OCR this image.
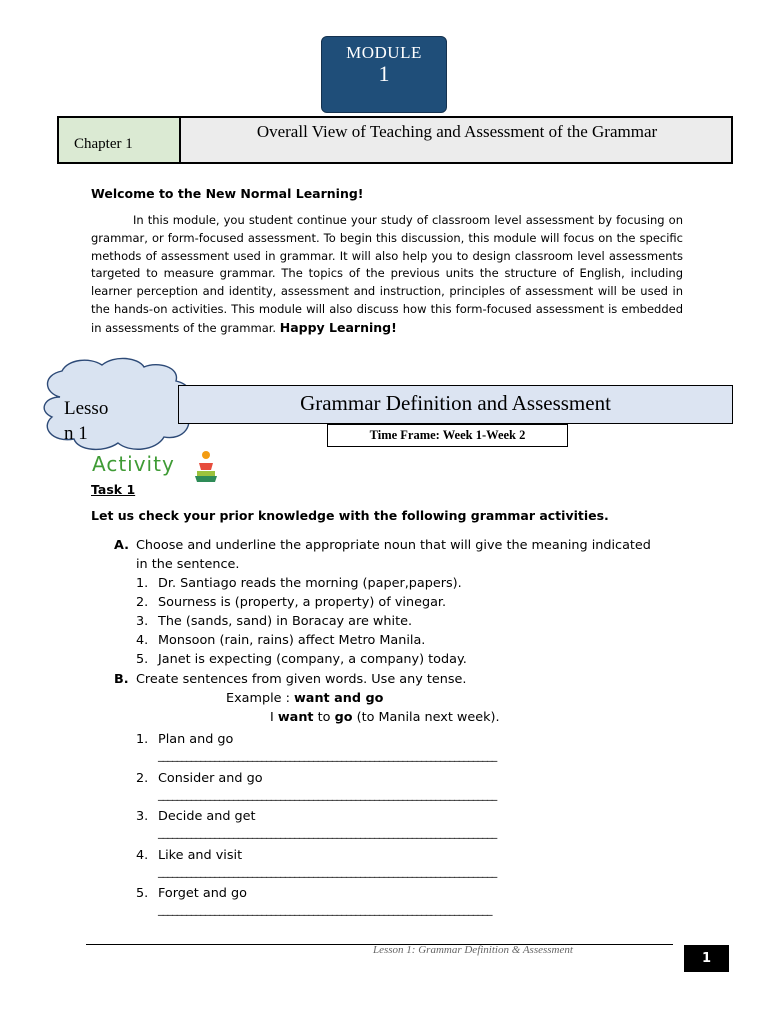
MODULE
1
Chapter 1
Overall View of Teaching and Assessment of the Grammar
Welcome to the New Normal Learning!
In this module, you student continue your study of classroom level assessment by focusing on grammar, or form-focused assessment. To begin this discussion, this module will focus on the specific methods of assessment used in grammar. It will also help you to design classroom level assessments targeted to measure grammar. The topics of the previous units the structure of English, including learner perception and identity, assessment and instruction, principles of assessment will be used in the hands-on activities. This module will also discuss how this form-focused assessment is embedded in assessments of the grammar. Happy Learning!
Lesso
n 1
Grammar Definition and Assessment
Time Frame: Week 1-Week 2
Activity
Task 1
Let us check your prior knowledge with the following grammar activities.
A. Choose and underline the appropriate noun that will give the meaning indicated
in the sentence.
1. Dr. Santiago reads the morning (paper,papers).
2. Sourness is (property, a property) of vinegar.
3. The (sands, sand) in Boracay are white.
4. Monsoon (rain, rains) affect Metro Manila.
5. Janet is expecting (company, a company) today.
B. Create sentences from given words. Use any tense.
Example : want and go
I want to go (to Manila next week).
1. Plan and go
________________________________________________________________________
2. Consider and go
________________________________________________________________________
3. Decide and get
________________________________________________________________________
4. Like and visit
________________________________________________________________________
5. Forget and go
_______________________________________________________________________
Lesson 1: Grammar Definition & Assessment
1
